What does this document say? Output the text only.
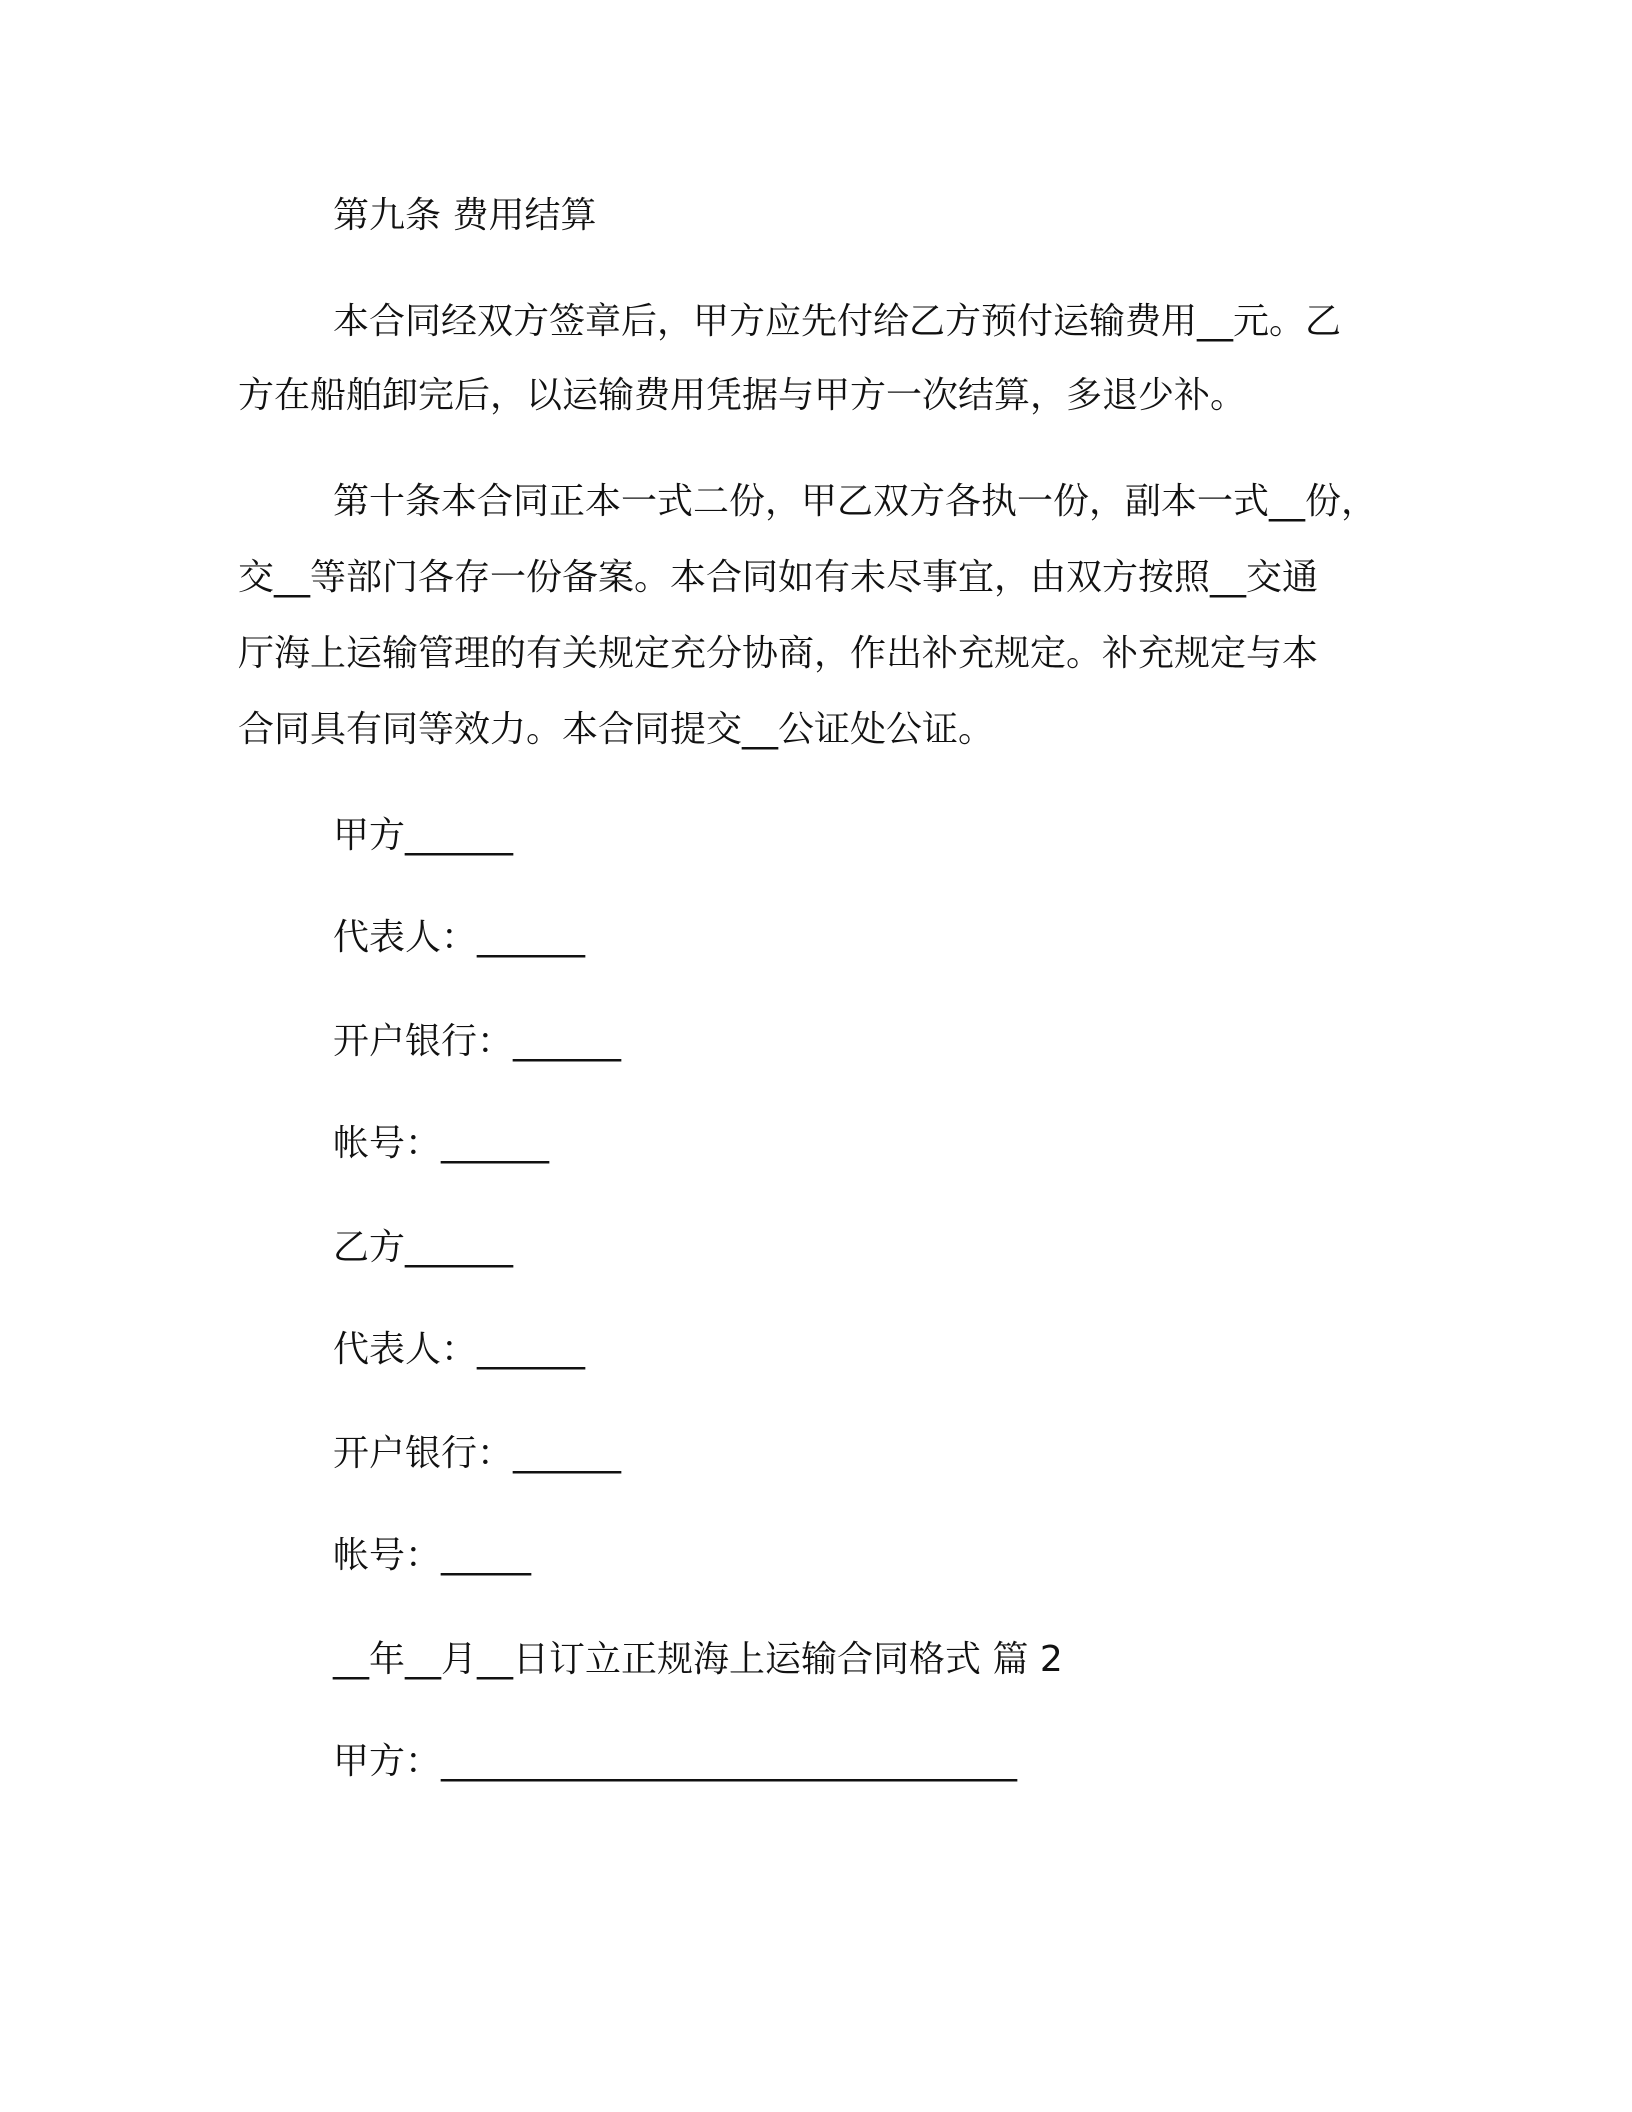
第九条 费用结算
本合同经双方签章后，甲方应先付给乙方预付运输费用__元。乙
方在船舶卸完后，以运输费用凭据与甲方一次结算，多退少补。
第十条本合同正本一式二份，甲乙双方各执一份，副本一式__份，
交__等部门各存一份备案。本合同如有未尽事宜，由双方按照__交通
厅海上运输管理的有关规定充分协商，作出补充规定。补充规定与本
合同具有同等效力。本合同提交__公证处公证。
甲方______
代表人：______
开户银行：______
帐号：______
乙方______
代表人：______
开户银行：______
帐号：_____
__年__月__日订立正规海上运输合同格式 篇 2
甲方：________________________________
